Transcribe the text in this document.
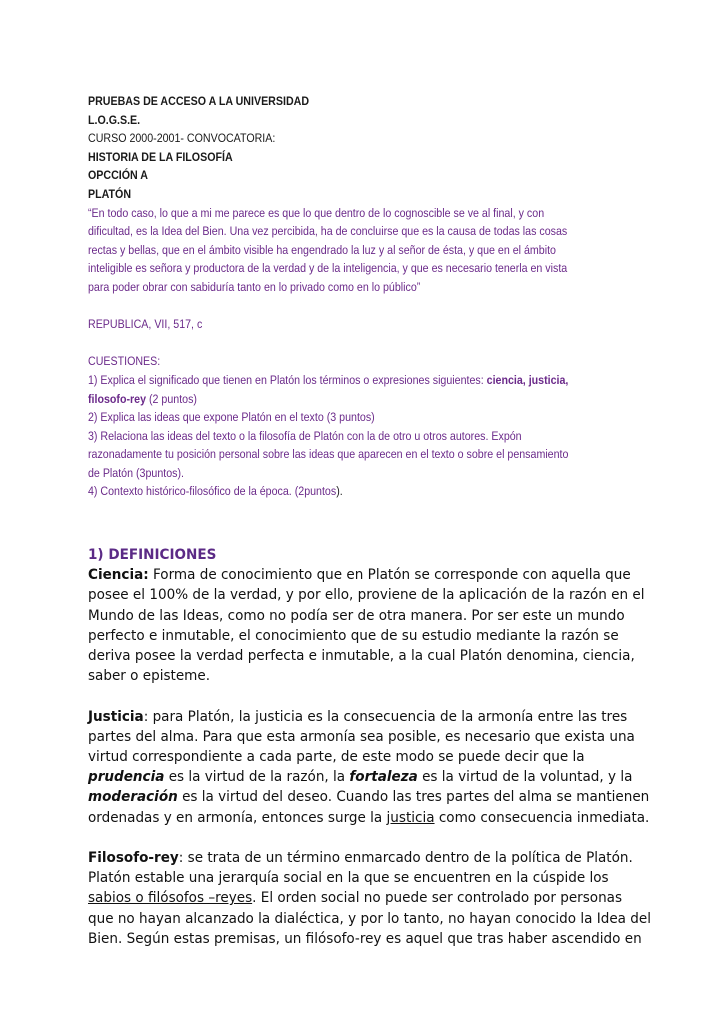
PRUEBAS DE ACCESO A LA UNIVERSIDAD
L.O.G.S.E.
CURSO 2000-2001- CONVOCATORIA:
HISTORIA DE LA FILOSOFÍA
OPCCIÓN A
PLATÓN
“En todo caso, lo que a mi me parece es que lo que dentro de lo cognoscible se ve al final, y con
dificultad, es la Idea del Bien. Una vez percibida, ha de concluirse que es la causa de todas las cosas
rectas y bellas, que en el ámbito visible ha engendrado la luz y al señor de ésta, y que en el ámbito
inteligible es señora y productora de la verdad y de la inteligencia, y que es necesario tenerla en vista
para poder obrar con sabiduría tanto en lo privado como en lo público”
REPUBLICA, VII, 517, c
CUESTIONES:
1) Explica el significado que tienen en Platón los términos o expresiones siguientes: ciencia, justicia,
filosofo-rey (2 puntos)
2) Explica las ideas que expone Platón en el texto (3 puntos)
3) Relaciona las ideas del texto o la filosofía de Platón con la de otro u otros autores. Expón
razonadamente tu posición personal sobre las ideas que aparecen en el texto o sobre el pensamiento
de Platón (3puntos).
4) Contexto histórico-filosófico de la época. (2puntos).
1) DEFINICIONES
Ciencia: Forma de conocimiento que en Platón se corresponde con aquella que
posee el 100% de la verdad, y por ello, proviene de la aplicación de la razón en el
Mundo de las Ideas, como no podía ser de otra manera. Por ser este un mundo
perfecto e inmutable, el conocimiento que de su estudio mediante la razón se
deriva posee la verdad perfecta e inmutable, a la cual Platón denomina, ciencia,
saber o episteme.
Justicia: para Platón, la justicia es la consecuencia de la armonía entre las tres
partes del alma. Para que esta armonía sea posible, es necesario que exista una
virtud correspondiente a cada parte, de este modo se puede decir que la
prudencia es la virtud de la razón, la fortaleza es la virtud de la voluntad, y la
moderación es la virtud del deseo. Cuando las tres partes del alma se mantienen
ordenadas y en armonía, entonces surge la justicia como consecuencia inmediata.
Filosofo-rey: se trata de un término enmarcado dentro de la política de Platón.
Platón estable una jerarquía social en la que se encuentren en la cúspide los
sabios o filósofos –reyes. El orden social no puede ser controlado por personas
que no hayan alcanzado la dialéctica, y por lo tanto, no hayan conocido la Idea del
Bien. Según estas premisas, un filósofo-rey es aquel que tras haber ascendido en
